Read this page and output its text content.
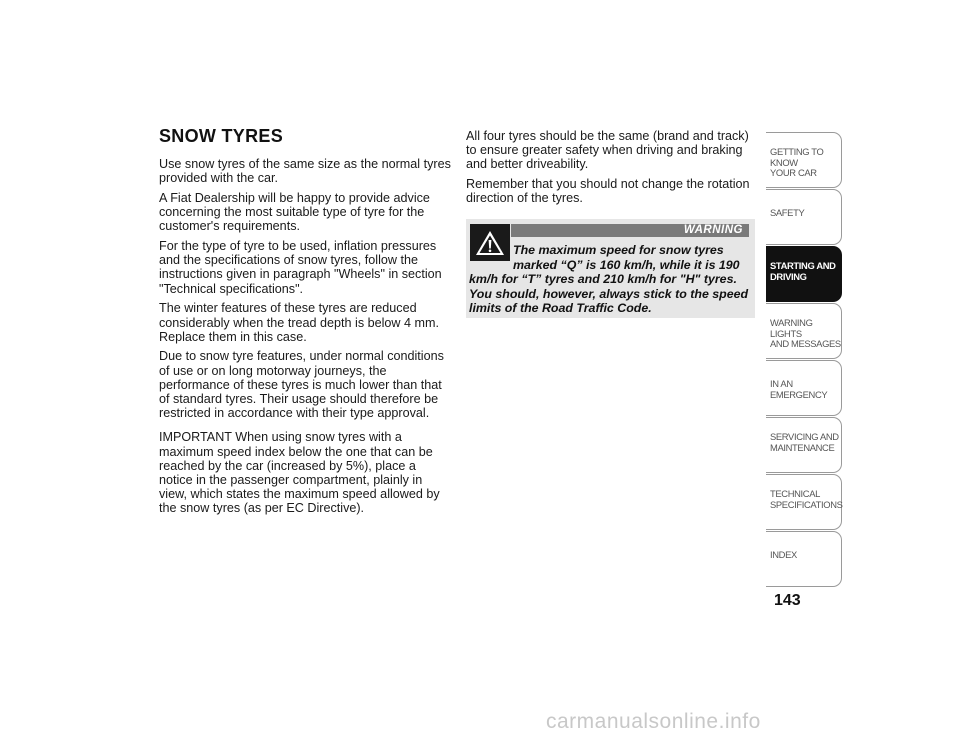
SNOW TYRES

Use snow tyres of the same size as the normal tyres provided with the car.

A Fiat Dealership will be happy to provide advice concerning the most suitable type of tyre for the customer's requirements.

For the type of tyre to be used, inflation pressures and the specifications of snow tyres, follow the instructions given in paragraph "Wheels" in section "Technical specifications".

The winter features of these tyres are reduced considerably when the tread depth is below 4 mm. Replace them in this case.

Due to snow tyre features, under normal conditions of use or on long motorway journeys, the performance of these tyres is much lower than that of standard tyres. Their usage should therefore be restricted in accordance with their type approval.

IMPORTANT When using snow tyres with a maximum speed index below the one that can be reached by the car (increased by 5%), place a notice in the passenger compartment, plainly in view, which states the maximum speed allowed by the snow tyres (as per EC Directive).

All four tyres should be the same (brand and track) to ensure greater safety when driving and braking and better driveability.

Remember that you should not change the rotation direction of the tyres.

WARNING
The maximum speed for snow tyres marked “Q” is 160 km/h, while it is 190 km/h for “T” tyres and 210 km/h for "H" tyres. You should, however, always stick to the speed limits of the Road Traffic Code.
GETTING TO KNOW
YOUR CAR
SAFETY
STARTING AND
DRIVING
WARNING LIGHTS
AND MESSAGES
IN AN EMERGENCY
SERVICING AND
MAINTENANCE
TECHNICAL
SPECIFICATIONS
INDEX
143
carmanualsonline.info
